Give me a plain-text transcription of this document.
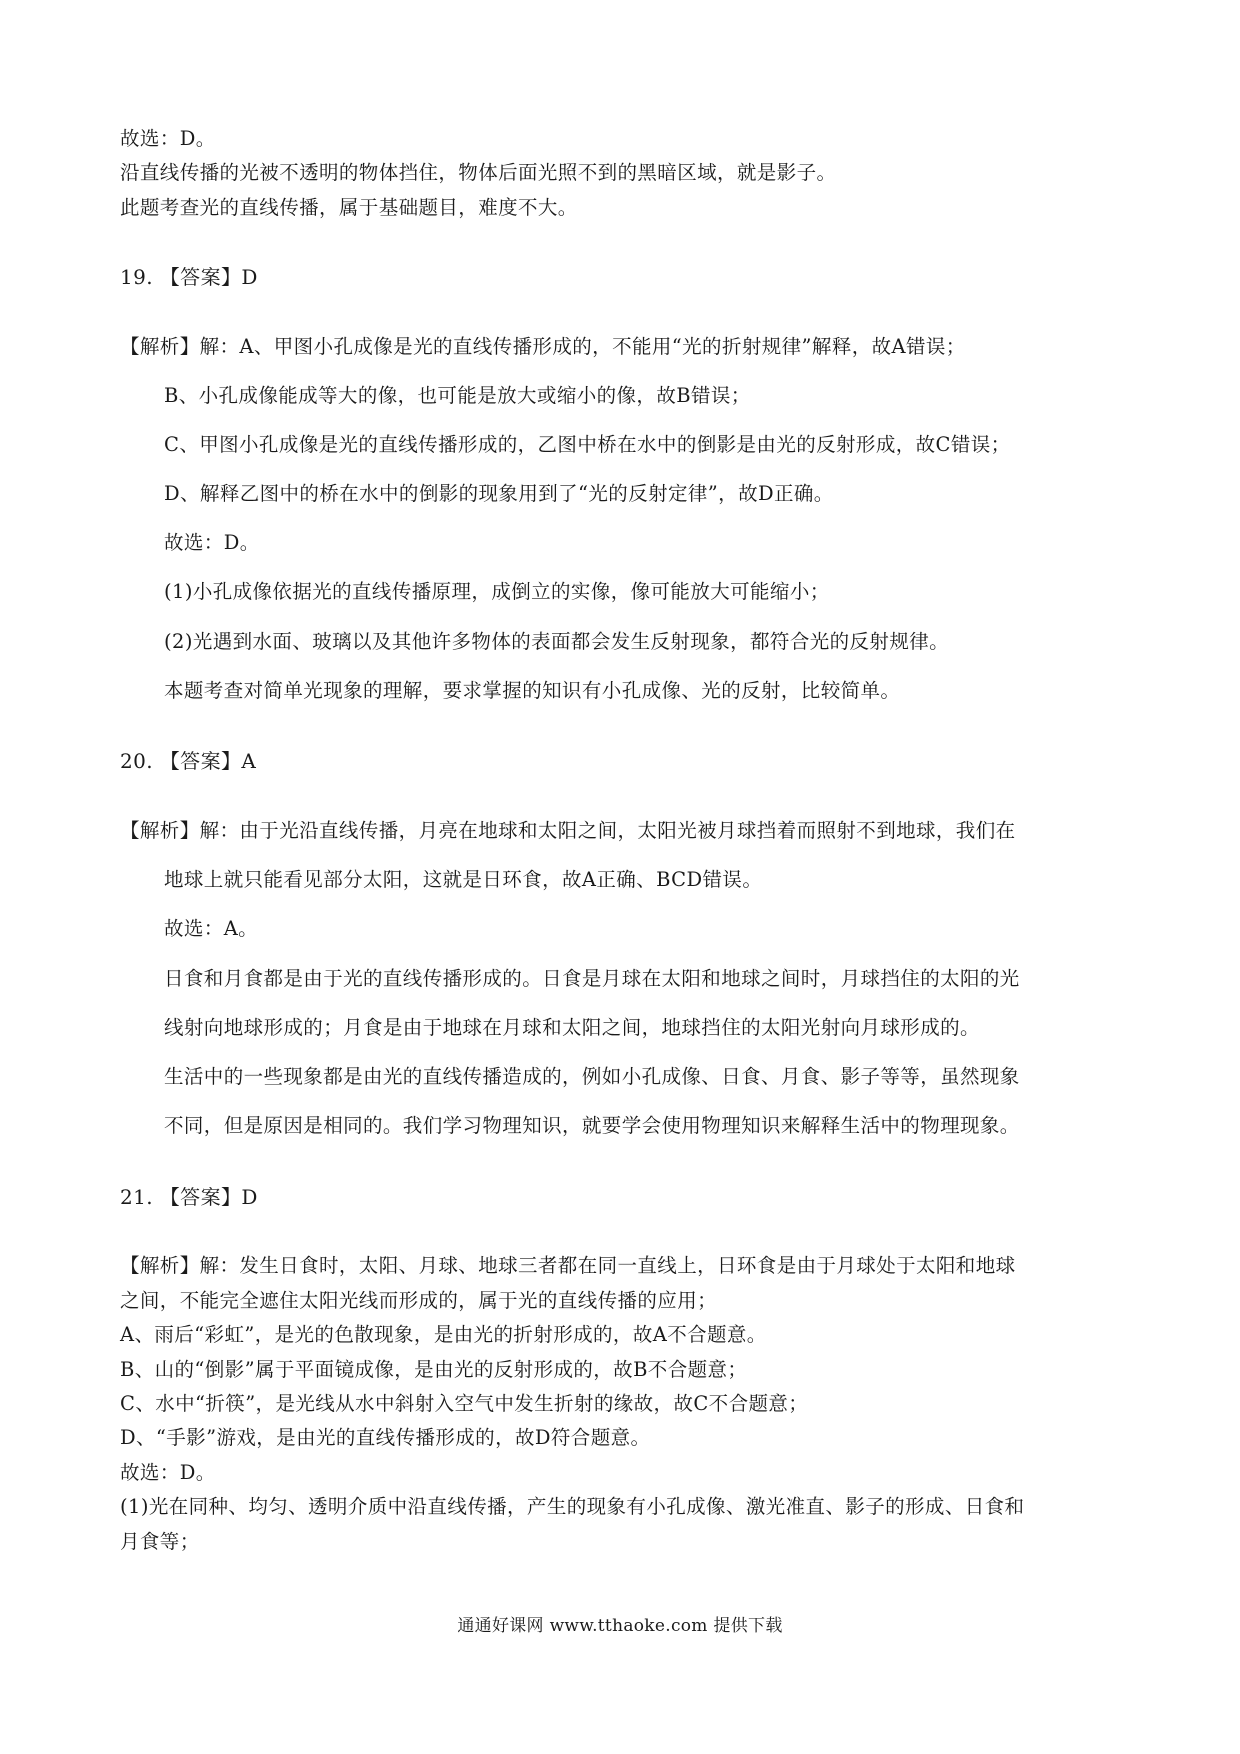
故选：D。
沿直线传播的光被不透明的物体挡住，物体后面光照不到的黑暗区域，就是影子。
此题考查光的直线传播，属于基础题目，难度不大。
19. 【答案】D
【解析】解：A、甲图小孔成像是光的直线传播形成的，不能用“光的折射规律”解释，故A错误；
B、小孔成像能成等大的像，也可能是放大或缩小的像，故B错误；
C、甲图小孔成像是光的直线传播形成的，乙图中桥在水中的倒影是由光的反射形成，故C错误；
D、解释乙图中的桥在水中的倒影的现象用到了“光的反射定律”，故D正确。
故选：D。
(1)小孔成像依据光的直线传播原理，成倒立的实像，像可能放大可能缩小；
(2)光遇到水面、玻璃以及其他许多物体的表面都会发生反射现象，都符合光的反射规律。
本题考查对简单光现象的理解，要求掌握的知识有小孔成像、光的反射，比较简单。
20. 【答案】A
【解析】解：由于光沿直线传播，月亮在地球和太阳之间，太阳光被月球挡着而照射不到地球，我们在
地球上就只能看见部分太阳，这就是日环食，故A正确、BCD错误。
故选：A。
日食和月食都是由于光的直线传播形成的。日食是月球在太阳和地球之间时，月球挡住的太阳的光
线射向地球形成的；月食是由于地球在月球和太阳之间，地球挡住的太阳光射向月球形成的。
生活中的一些现象都是由光的直线传播造成的，例如小孔成像、日食、月食、影子等等，虽然现象
不同，但是原因是相同的。我们学习物理知识，就要学会使用物理知识来解释生活中的物理现象。
21. 【答案】D
【解析】解：发生日食时，太阳、月球、地球三者都在同一直线上，日环食是由于月球处于太阳和地球
之间，不能完全遮住太阳光线而形成的，属于光的直线传播的应用；
A、雨后“彩虹”，是光的色散现象，是由光的折射形成的，故A不合题意。
B、山的“倒影”属于平面镜成像，是由光的反射形成的，故B不合题意；
C、水中“折筷”，是光线从水中斜射入空气中发生折射的缘故，故C不合题意；
D、“手影”游戏，是由光的直线传播形成的，故D符合题意。
故选：D。
(1)光在同种、均匀、透明介质中沿直线传播，产生的现象有小孔成像、激光准直、影子的形成、日食和
月食等；
通通好课网 www.tthaoke.com 提供下载
